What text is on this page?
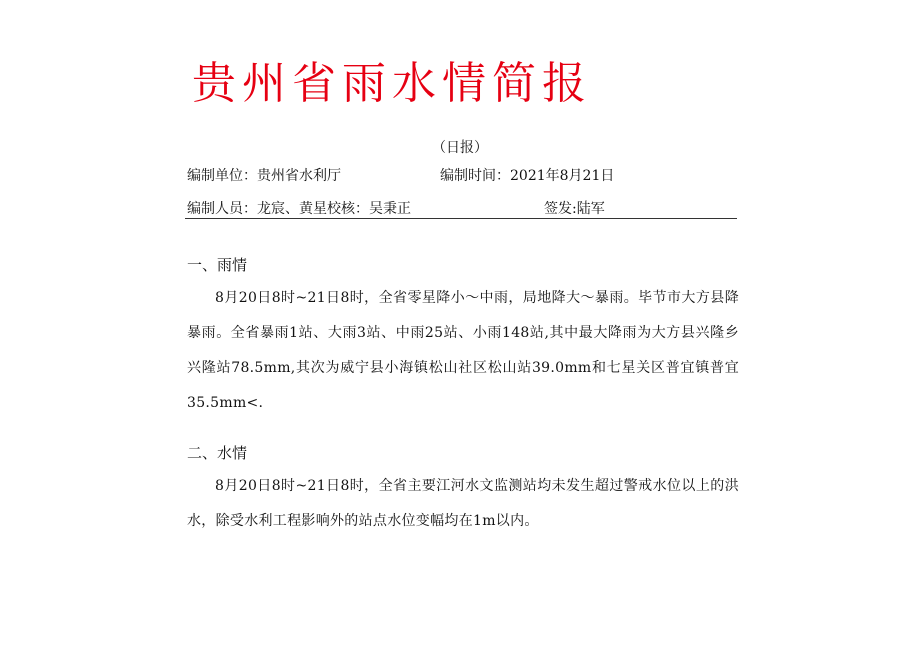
贵州省雨水情简报
（日报）
编制单位：贵州省水利厅	编制时间：2021年8月21日
编制人员：龙宸、黄星校核：吴秉正	签发:陆军
一、雨情
8月20日8时~21日8时，全省零星降小～中雨，局地降大～暴雨。毕节市大方县降暴雨。全省暴雨1站、大雨3站、中雨25站、小雨148站,其中最大降雨为大方县兴隆乡兴隆站78.5mm,其次为威宁县小海镇松山社区松山站39.0mm和七星关区普宜镇普宜35.5mm<.
二、水情
8月20日8时~21日8时，全省主要江河水文监测站均未发生超过警戒水位以上的洪水，除受水利工程影响外的站点水位变幅均在1m以内。
